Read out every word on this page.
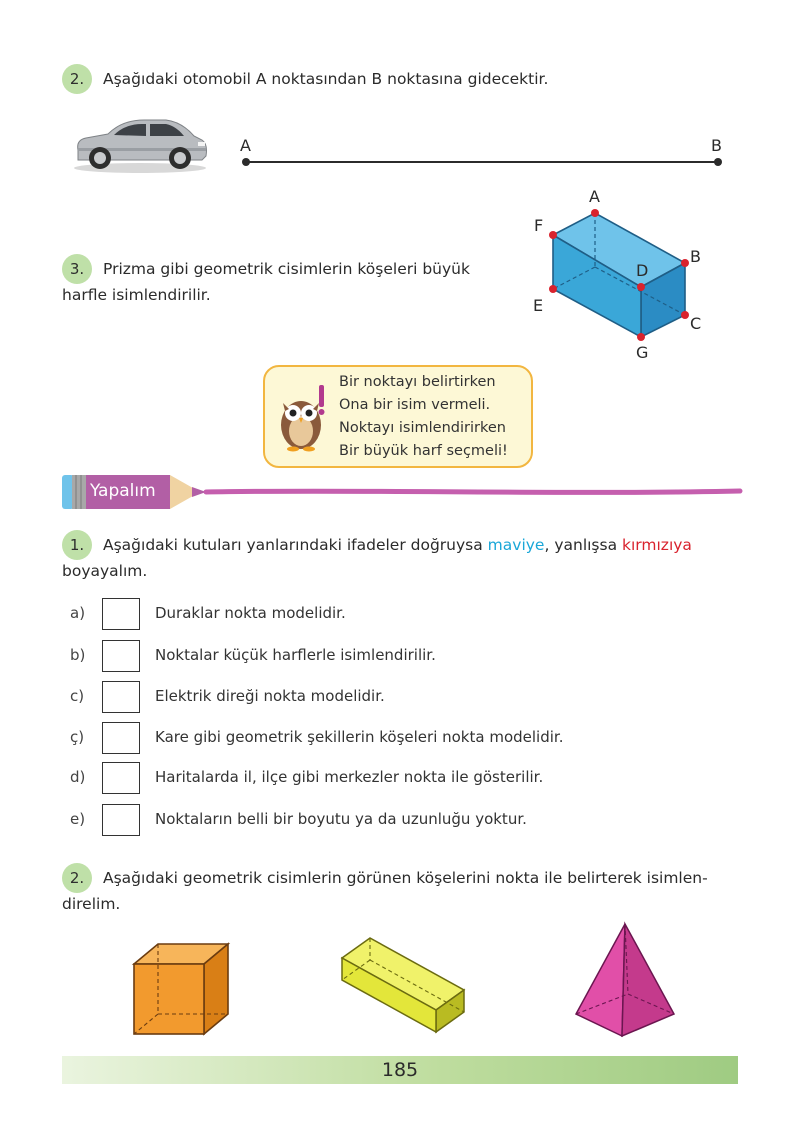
2.	Aşağıdaki otomobil A noktasından B noktasına gidecektir.
A	B
3.	Prizma gibi geometrik cisimlerin köşeleri büyük
harfle isimlendirilir.
A
F
B
D
E
C
G
Bir noktayı belirtirken
Ona bir isim vermeli.
Noktayı isimlendirirken
Bir büyük harf seçmeli!
Yapalım
1.	Aşağıdaki kutuları yanlarındaki ifadeler doğruysa maviye, yanlışsa kırmızıya
boyayalım.
a)	Duraklar nokta modelidir.
b)	Noktalar küçük harflerle isimlendirilir.
c)	Elektrik direği nokta modelidir.
ç)	Kare gibi geometrik şekillerin köşeleri nokta modelidir.
d)	Haritalarda il, ilçe gibi merkezler nokta ile gösterilir.
e)	Noktaların belli bir boyutu ya da uzunluğu yoktur.
2.	Aşağıdaki geometrik cisimlerin görünen köşelerini nokta ile belirterek isimlen-
direlim.
185
